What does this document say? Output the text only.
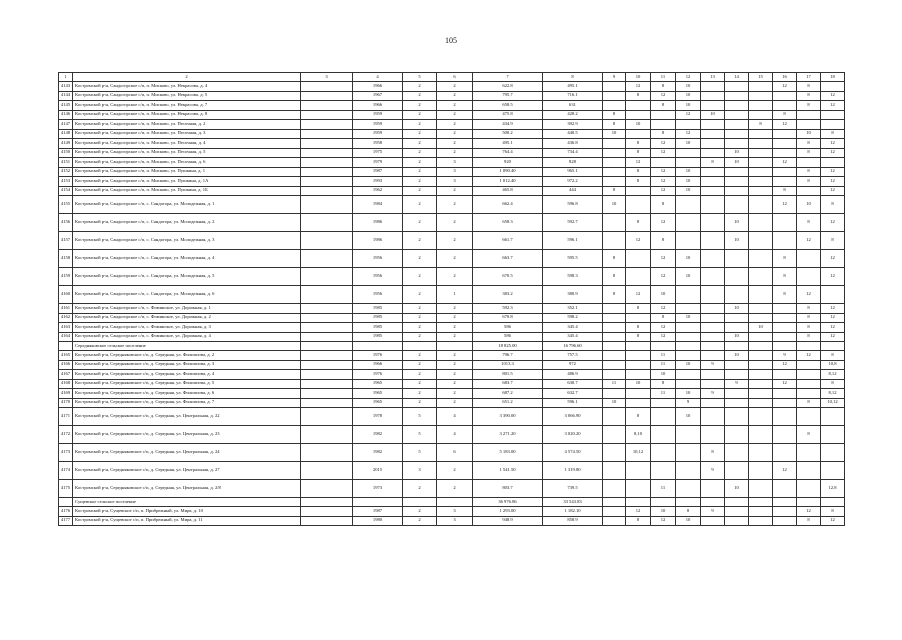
105
1	2	3	4	5	6	7	8	9	10	11	12	13	14	15	16	17	18
4143	Костромской р-н, Сандогорское с/п, п. Мисково, ул. Некрасова, д. 4		1966	2	2	622.8	495.1		12	8	10				12	8	
4144	Костромской р-н, Сандогорское с/п, п. Мисково, ул. Некрасова, д. 5		1967	2	2	795.7	716.1		8	12	10					8	12
4145	Костромской р-н, Сандогорское с/п, п. Мисково, ул. Некрасова, д. 7		1966	2	2	658.5	631			8	10					8	12
4146	Костромской р-н, Сандогорское с/п, п. Мисково, ул. Некрасова, д. 8		1959	2	2	475.8	428.2	8			12	10			8		
4147	Костромской р-н, Сандогорское с/п, п. Мисково, ул. Песочная, д. 2		1959	2	2	434.9	392.9	8	10					8	12		
4148	Костромской р-н, Сандогорское с/п, п. Мисково, ул. Песочная, д. 3		1959	2	2	500.2	440.5	10		8	12					10	8
4149	Костромской р-н, Сандогорское с/п, п. Мисково, ул. Песочная, д. 4		1958	2	2	495.1	436.8		8	12	10					8	12
4150	Костромской р-н, Сандогорское с/п, п. Мисково, ул. Песочная, д. 5		1975	2	2	764.4	734.4		8	12			10			8	12
4151	Костромской р-н, Сандогорское с/п, п. Мисково, ул. Песочная, д. 6		1979	2	3	920	828		12			8	10		12		
4152	Костромской р-н, Сандогорское с/п, п. Мисково, ул. Пушкина, д. 1		1987	2	3	1 090.40	965.1		8	12	10					8	12
4153	Костромской р-н, Сандогорское с/п, п. Мисково, ул. Пушкина, д. 1А		1993	2	3	1 012.40	972.2		8	12	10					8	12
4154	Костромской р-н, Сандогорское с/п, п. Мисково, ул. Пушкина, д. 1Б		1962	2	2	465.8	444	8		12	10				8		12
4155	Костромской р-н, Сандогорское с/п, с. Сандогора, ул. Молодежная, д. 1		1984	2	2	662.4	596.8	10		8					12	10	8
4156	Костромской р-н, Сандогорское с/п, с. Сандогора, ул. Молодежная, д. 2		1986	2	2	658.3	592.7		8	12			10			8	12
4157	Костромской р-н, Сандогорское с/п, с. Сандогора, ул. Молодежная, д. 3		1986	2	2	661.7	596.1		12	8			10			12	8
4158	Костромской р-н, Сандогорское с/п, с. Сандогора, ул. Молодежная, д. 4		1956	2	2	663.7	595.5	8		12	10				8		12
4159	Костромской р-н, Сандогорское с/п, с. Сандогора, ул. Молодежная, д. 5		1956	2	2	670.5	598.3	8		12	10				8		12
4160	Костромской р-н, Сандогорское с/п, с. Сандогора, ул. Молодежная, д. 6		1956	2	1	383.2	380.9	8	12	10					8	12	
4161	Костромской р-н, Сандогорское с/п, с. Фоминское, ул. Дорожная, д. 1		1985	2	2	592.3	352.1		8	12			10			8	12
4162	Костромской р-н, Сандогорское с/п, с. Фоминское, ул. Дорожная, д. 2		1985	2	2	670.8	598.2			8	10					8	12
4163	Костромской р-н, Сандогорское с/п, с. Фоминское, ул. Дорожная, д. 3		1985	2	2	586	345.4		8	12				10		8	12
4164	Костромской р-н, Сандогорское с/п, с. Фоминское, ул. Дорожная, д. 4		1985	2	2	586	345.4		8	12			10			8	12
	Середняковское сельское поселение					18 825.00	16 796.60										
4165	Костромской р-н, Середняковское с/п, д. Середняя, ул. Филиппова, д. 2		1976	2	2	796.7	757.5			11			10		9	12	8
4166	Костромской р-н, Середняковское с/п, д. Середняя, ул. Филиппова, д. 3		1966	2	2	1013.3	972			11	10	9			12		10,8
4167	Костромской р-н, Середняковское с/п, д. Середняя, ул. Филиппова, д. 4		1976	2	2	801.5	486.9			10							8,12
4168	Костромской р-н, Середняковское с/п, д. Середняя, ул. Филиппова, д. 5		1965	2	2	683.7	630.7	11	10	8			9		12		8
4169	Костромской р-н, Середняковское с/п, д. Середняя, ул. Филиппова, д. 6		1965	2	2	687.2	632.7			11	10	9					8,12
4170	Костромской р-н, Середняковское с/п, д. Середняя, ул. Филиппова, д. 7		1965	2	2	651.2	596.1	10			9					8	10,12
4171	Костромской р-н, Середняковское с/п, д. Середняя, ул. Центральная, д. 22		1978	5	4	3 390.00	3 066.90		8		10						
4172	Костромской р-н, Середняковское с/п, д. Середняя, ул. Центральная, д. 23		1982	5	4	3 271.20	3 020.20		8,10							8	
4173	Костромской р-н, Середняковское с/п, д. Середняя, ул. Центральная, д. 24		1982	5	6	5 183.00	4 574.50		10,12			8					
4174	Костромской р-н, Середняковское с/п, д. Середняя, ул. Центральная, д. 27		2015	3	2	1 541.50	1 319.80					9			12		
4175	Костромской р-н, Середняковское с/п, д. Середняя, ул. Центральная, д. 2/8		1973	2	2	803.7	739.5			11			10				12,8
	Сущевское сельское поселение					36 976.86	33 543.83										
4176	Костромской р-н, Сущевское с/п, п. Прибрежный, ул. Мира, д. 10		1987	2	3	1 293.00	1 182.10		12	10	8	9				12	8
4177	Костромской р-н, Сущевское с/п, п. Прибрежный, ул. Мира, д. 11		1980	2	3	948.9	858.9		8	12	10					8	12
